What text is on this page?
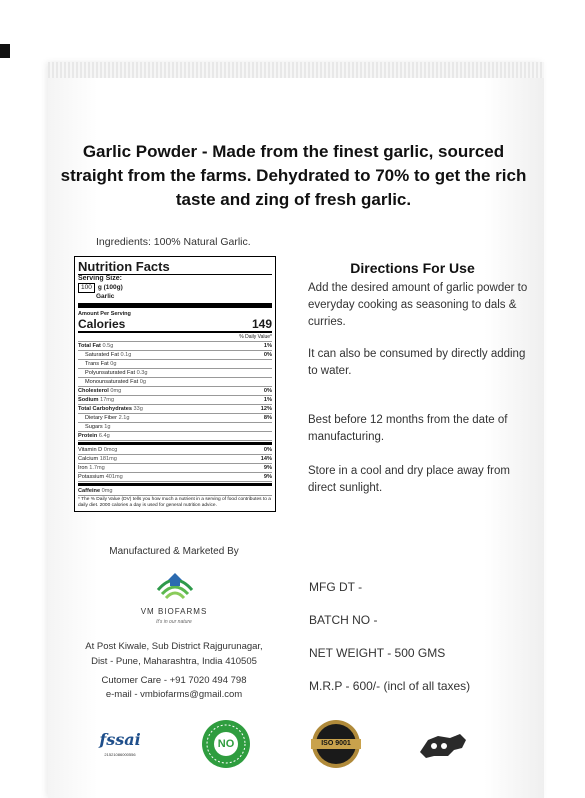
Garlic Powder - Made from the finest garlic, sourced straight from the farms. Dehydrated to 70% to get the rich taste and zing of fresh garlic.
Ingredients: 100% Natural Garlic.
Nutrition Facts
Serving Size:
100 g (100g)
Garlic
Amount Per Serving
Calories	149
% Daily Value*
Total Fat 0.5g	1%
Saturated Fat 0.1g	0%
Trans Fat 0g
Polyunsaturated Fat 0.3g
Monounsaturated Fat 0g
Cholesterol 0mg	0%
Sodium 17mg	1%
Total Carbohydrates 33g	12%
Dietary Fiber 2.1g	8%
Sugars 1g
Protein 6.4g
Vitamin D 0mcg	0%
Calcium 181mg	14%
Iron 1.7mg	9%
Potassium 401mg	9%
Caffeine 0mg
* The % Daily Value (DV) tells you how much a nutrient in a serving of food contributes to a daily diet. 2000 calories a day is used for general nutrition advice.
Directions For Use
Add the desired amount of garlic powder to everyday cooking as seasoning to dals & curries.
It can also be consumed by directly adding to water.
Best before 12 months from the date of manufacturing.
Store in a cool and dry place away from direct sunlight.
Manufactured & Marketed By
VM BIOFARMS
It's in our nature
At Post Kiwale, Sub District Rajgurunagar,
Dist - Pune, Maharashtra, India 410505
Cutomer Care - +91 7020 494 798
e-mail - vmbiofarms@gmail.com
MFG DT -
BATCH NO -
NET WEIGHT - 500 GMS
M.R.P - 600/- (incl of all taxes)
fssai
21521086000556
NO	ISO 9001
MAKE IN INDIA
